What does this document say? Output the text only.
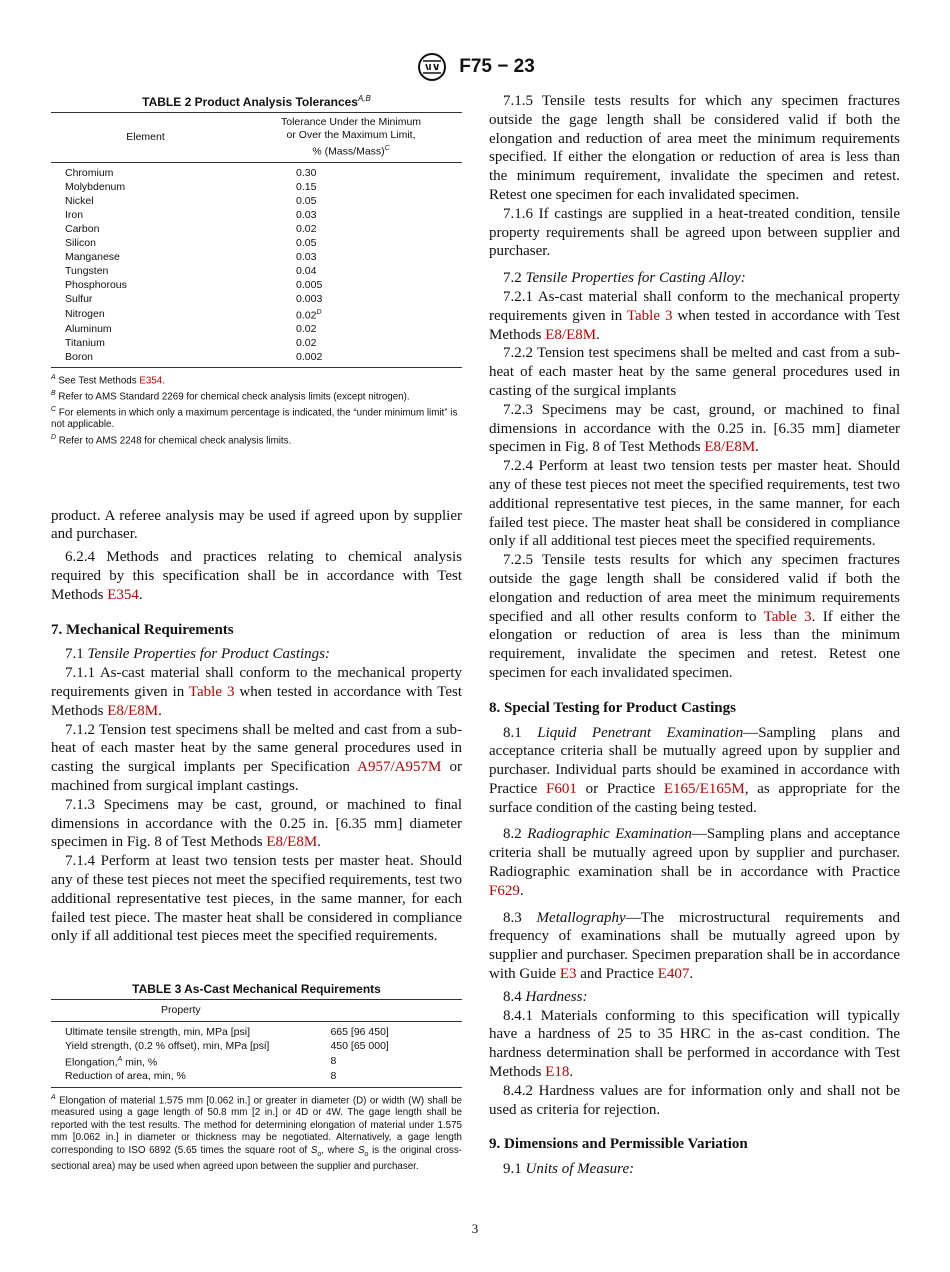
F75 − 23
TABLE 2 Product Analysis Tolerances$^{A,B}$
Element	Tolerance Under the Minimum
or Over the Maximum Limit,
% (Mass/Mass)$^C$
Chromium	0.30
Molybdenum	0.15
Nickel	0.05
Iron	0.03
Carbon	0.02
Silicon	0.05
Manganese	0.03
Tungsten	0.04
Phosphorous	0.005
Sulfur	0.003
Nitrogen	$0.02^D$
Aluminum	0.02
Titanium	0.02
Boron	0.002

$^A$ See Test Methods E354.

$^B$ Refer to AMS Standard 2269 for chemical check analysis limits (except nitrogen).

$^C$ For elements in which only a maximum percentage is indicated, the “under minimum limit” is not applicable.

$^D$ Refer to AMS 2248 for chemical check analysis limits.

product. A referee analysis may be used if agreed upon by supplier and purchaser.

6.2.4 Methods and practices relating to chemical analysis required by this specification shall be in accordance with Test Methods E354.

7. Mechanical Requirements

7.1 Tensile Properties for Product Castings:

7.1.1 As-cast material shall conform to the mechanical property requirements given in Table 3 when tested in accordance with Test Methods E8/E8M.

7.1.2 Tension test specimens shall be melted and cast from a sub-heat of each master heat by the same general procedures used in casting the surgical implants per Specification A957/A957M or machined from surgical implant castings.

7.1.3 Specimens may be cast, ground, or machined to final dimensions in accordance with the 0.25 in. [6.35 mm] diameter specimen in Fig. 8 of Test Methods E8/E8M.

7.1.4 Perform at least two tension tests per master heat. Should any of these test pieces not meet the specified requirements, test two additional representative test pieces, in the same manner, for each failed test piece. The master heat shall be considered in compliance only if all additional test pieces meet the specified requirements.

TABLE 3 As-Cast Mechanical Requirements
Property	
Ultimate tensile strength, min, MPa [psi]	665 [96 450]
Yield strength, (0.2 % offset), min, MPa [psi]	450 [65 000]
Elongation,$^A$ min, %	8
Reduction of area, min, %	8

$^A$ Elongation of material 1.575 mm [0.062 in.] or greater in diameter (D) or width (W) shall be measured using a gage length of 50.8 mm [2 in.] or 4D or 4W. The gage length shall be reported with the test results. The method for determining elongation of material under 1.575 mm [0.062 in.] in diameter or thickness may be negotiated. Alternatively, a gage length corresponding to ISO 6892 (5.65 times the square root of $S_o$, where $S_o$ is the original cross-sectional area) may be used when agreed upon between the supplier and purchaser.

7.1.5 Tensile tests results for which any specimen fractures outside the gage length shall be considered valid if both the elongation and reduction of area meet the minimum requirements specified. If either the elongation or reduction of area is less than the minimum requirement, invalidate the specimen and retest. Retest one specimen for each invalidated specimen.

7.1.6 If castings are supplied in a heat-treated condition, tensile property requirements shall be agreed upon between supplier and purchaser.

7.2 Tensile Properties for Casting Alloy:

7.2.1 As-cast material shall conform to the mechanical property requirements given in Table 3 when tested in accordance with Test Methods E8/E8M.

7.2.2 Tension test specimens shall be melted and cast from a sub-heat of each master heat by the same general procedures used in casting of the surgical implants

7.2.3 Specimens may be cast, ground, or machined to final dimensions in accordance with the 0.25 in. [6.35 mm] diameter specimen in Fig. 8 of Test Methods E8/E8M.

7.2.4 Perform at least two tension tests per master heat. Should any of these test pieces not meet the specified requirements, test two additional representative test pieces, in the same manner, for each failed test piece. The master heat shall be considered in compliance only if all additional test pieces meet the specified requirements.

7.2.5 Tensile tests results for which any specimen fractures outside the gage length shall be considered valid if both the elongation and reduction of area meet the minimum requirements specified and all other results conform to Table 3. If either the elongation or reduction of area is less than the minimum requirement, invalidate the specimen and retest. Retest one specimen for each invalidated specimen.

8. Special Testing for Product Castings

8.1 Liquid Penetrant Examination—Sampling plans and acceptance criteria shall be mutually agreed upon by supplier and purchaser. Individual parts should be examined in accordance with Practice F601 or Practice E165/E165M, as appropriate for the surface condition of the casting being tested.

8.2 Radiographic Examination—Sampling plans and acceptance criteria shall be mutually agreed upon by supplier and purchaser. Radiographic examination shall be in accordance with Practice F629.

8.3 Metallography—The microstructural requirements and frequency of examinations shall be mutually agreed upon by supplier and purchaser. Specimen preparation shall be in accordance with Guide E3 and Practice E407.

8.4 Hardness:

8.4.1 Materials conforming to this specification will typically have a hardness of 25 to 35 HRC in the as-cast condition. The hardness determination shall be performed in accordance with Test Methods E18.

8.4.2 Hardness values are for information only and shall not be used as criteria for rejection.

9. Dimensions and Permissible Variation

9.1 Units of Measure:

3
